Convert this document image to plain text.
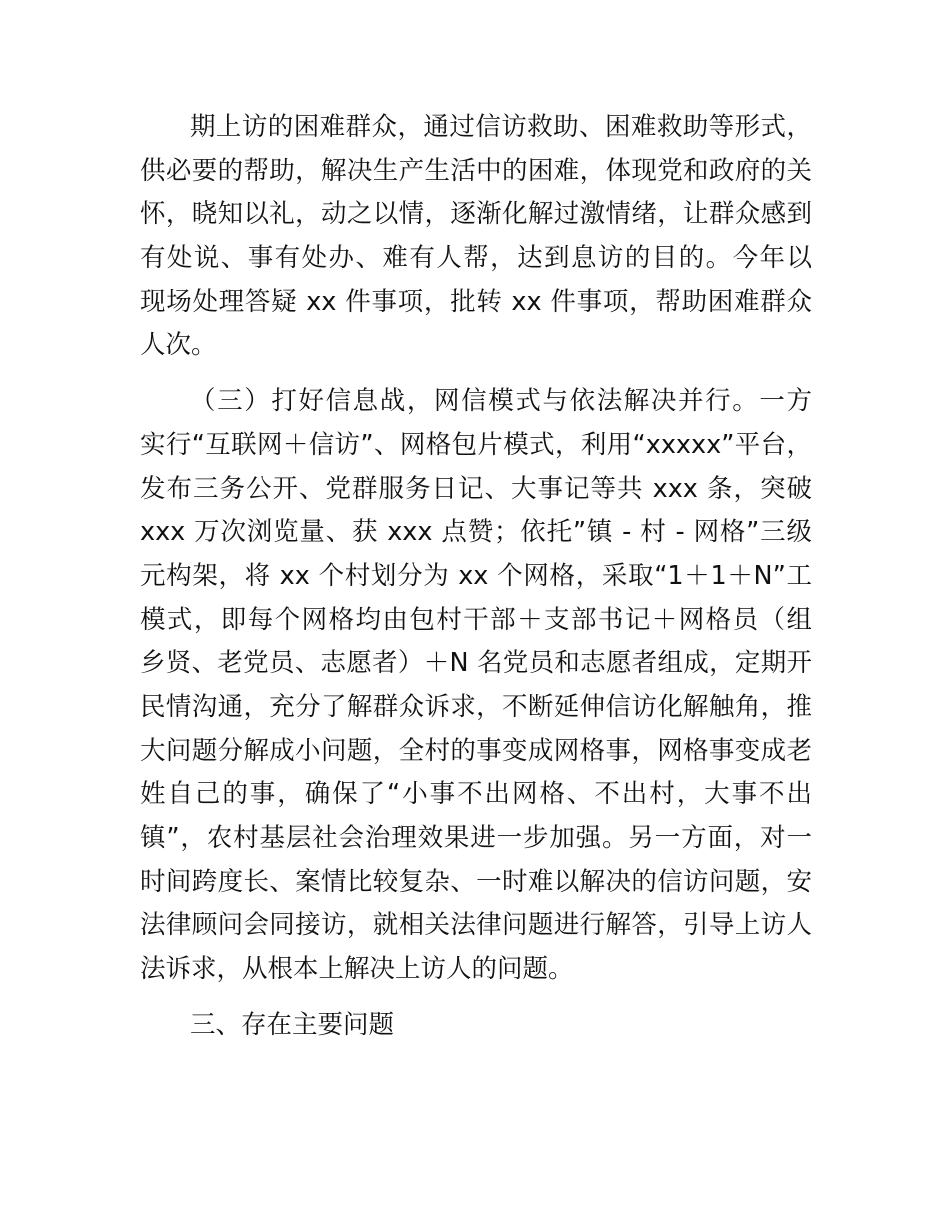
期上访的困难群众，通过信访救助、困难救助等形式，
供必要的帮助，解决生产生活中的困难，体现党和政府的关
怀，晓知以礼，动之以情，逐渐化解过激情绪，让群众感到
有处说、事有处办、难有人帮，达到息访的目的。今年以
现场处理答疑 xx 件事项，批转 xx 件事项，帮助困难群众
人次。
（三）打好信息战，网信模式与依法解决并行。一方
实行“互联网＋信访”、网格包片模式，利用“xxxxx”平台，
发布三务公开、党群服务日记、大事记等共 xxx 条，突破
xxx 万次浏览量、获 xxx 点赞；依托”镇 - 村 - 网格”三级
元构架，将 xx 个村划分为 xx 个网格，采取“1＋1＋N”工
模式，即每个网格均由包村干部＋支部书记＋网格员（组
乡贤、老党员、志愿者）＋N 名党员和志愿者组成，定期开
民情沟通，充分了解群众诉求，不断延伸信访化解触角，推
大问题分解成小问题，全村的事变成网格事，网格事变成老
姓自己的事，确保了“小事不出网格、不出村，大事不出
镇”，农村基层社会治理效果进一步加强。另一方面，对一
时间跨度长、案情比较复杂、一时难以解决的信访问题，安
法律顾问会同接访，就相关法律问题进行解答，引导上访人
法诉求，从根本上解决上访人的问题。
三、存在主要问题
